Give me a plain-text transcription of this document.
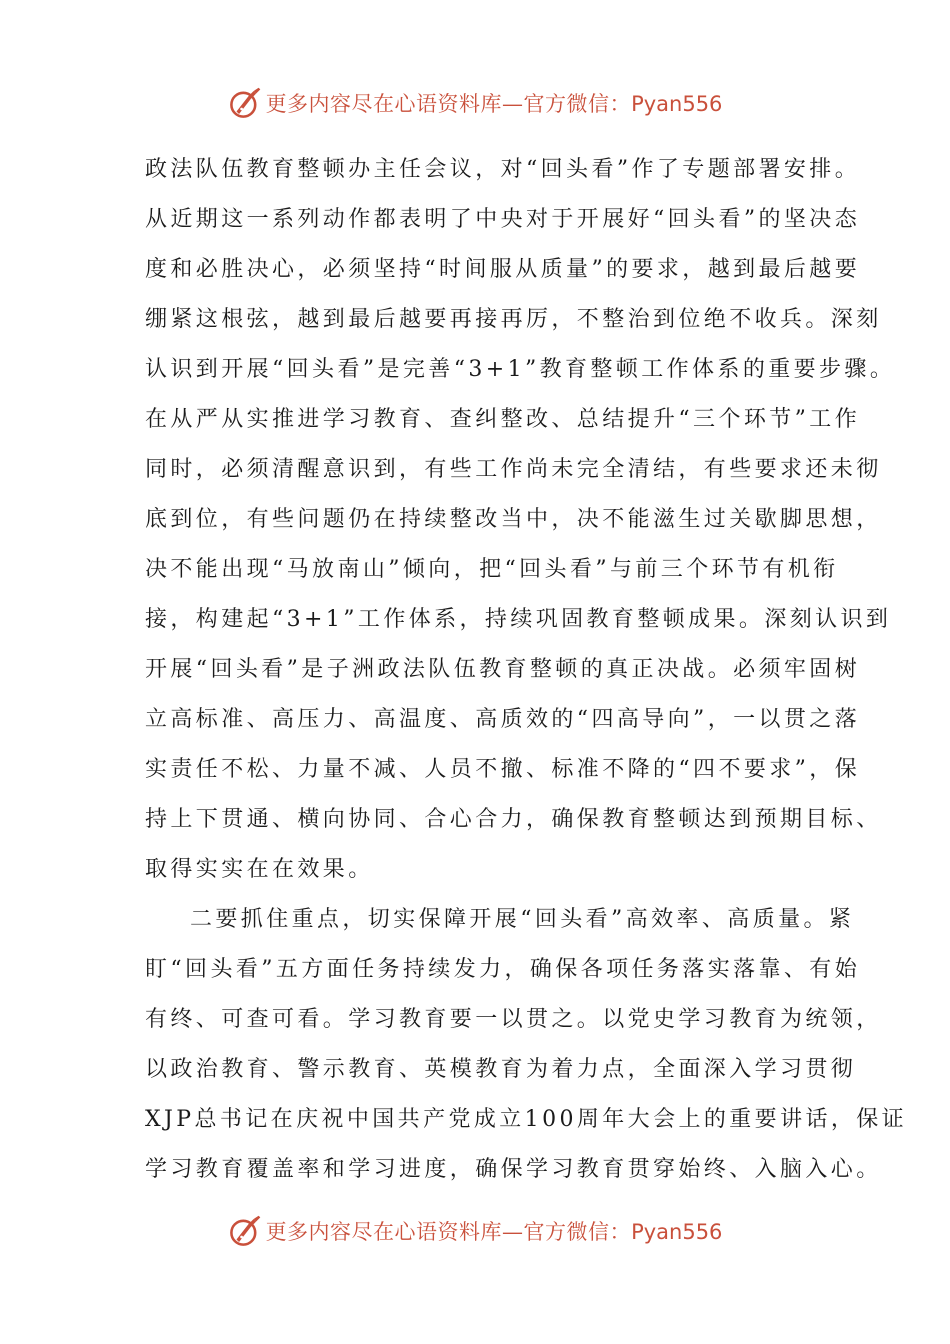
更多内容尽在心语资料库—官方微信：Pyan556
政法队伍教育整顿办主任会议，对“回头看”作了专题部署安排。
从近期这一系列动作都表明了中央对于开展好“回头看”的坚决态
度和必胜决心，必须坚持“时间服从质量”的要求，越到最后越要
绷紧这根弦，越到最后越要再接再厉，不整治到位绝不收兵。深刻
认识到开展“回头看”是完善“3+1”教育整顿工作体系的重要步骤。
在从严从实推进学习教育、查纠整改、总结提升“三个环节”工作
同时，必须清醒意识到，有些工作尚未完全清结，有些要求还未彻
底到位，有些问题仍在持续整改当中，决不能滋生过关歇脚思想，
决不能出现“马放南山”倾向，把“回头看”与前三个环节有机衔
接，构建起“3+1”工作体系，持续巩固教育整顿成果。深刻认识到
开展“回头看”是子洲政法队伍教育整顿的真正决战。必须牢固树
立高标准、高压力、高温度、高质效的“四高导向”，一以贯之落
实责任不松、力量不减、人员不撤、标准不降的“四不要求”，保
持上下贯通、横向协同、合心合力，确保教育整顿达到预期目标、
取得实实在在效果。
二要抓住重点，切实保障开展“回头看”高效率、高质量。紧
盯“回头看”五方面任务持续发力，确保各项任务落实落靠、有始
有终、可查可看。学习教育要一以贯之。以党史学习教育为统领，
以政治教育、警示教育、英模教育为着力点，全面深入学习贯彻
XJP总书记在庆祝中国共产党成立100周年大会上的重要讲话，保证
学习教育覆盖率和学习进度，确保学习教育贯穿始终、入脑入心。
更多内容尽在心语资料库—官方微信：Pyan556
